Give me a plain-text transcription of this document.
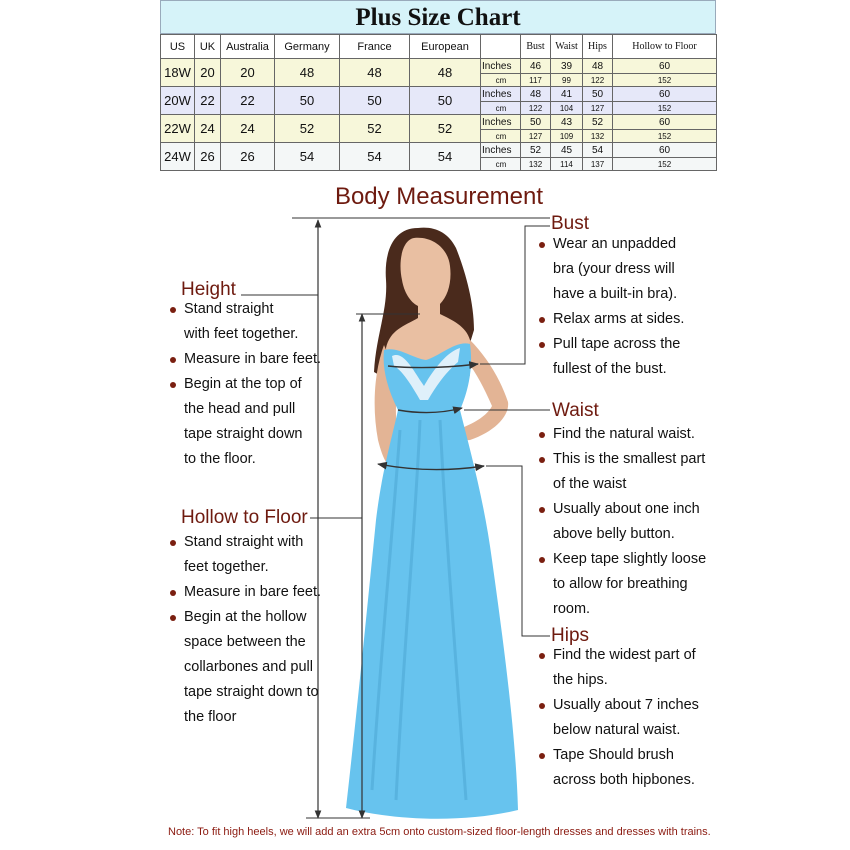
Plus Size Chart
US	UK	Australia	Germany	France	European		Bust	Waist	Hips	Hollow to Floor
18W	20	20	48	48	48	Inches	46	39	48	60
						cm	117	99	122	152
20W	22	22	50	50	50	Inches	48	41	50	60
						cm	122	104	127	152
22W	24	24	52	52	52	Inches	50	43	52	60
						cm	127	109	132	152
24W	26	26	54	54	54	Inches	52	45	54	60
						cm	132	114	137	152
Body Measurement
Height
Stand straight
with feet together.
Measure in bare feet.
Begin at the top of
the head and pull
tape straight down
to the floor.
Hollow to Floor
Stand straight with
feet together.
Measure in bare feet.
Begin at the hollow
space between the
collarbones and pull
tape straight down to
the floor
Bust
Wear an unpadded
bra (your dress will
have a built-in bra).
Relax arms at sides.
Pull tape across the
fullest of the bust.
Waist
Find the natural waist.
This is the smallest part
of the waist
Usually about one inch
above belly button.
Keep tape slightly loose
to allow for breathing
room.
Hips
Find the widest part of
the hips.
Usually about 7 inches
below natural waist.
Tape Should brush
across both hipbones.
Note: To fit high heels, we will add an extra 5cm onto custom-sized floor-length dresses and dresses with trains.
